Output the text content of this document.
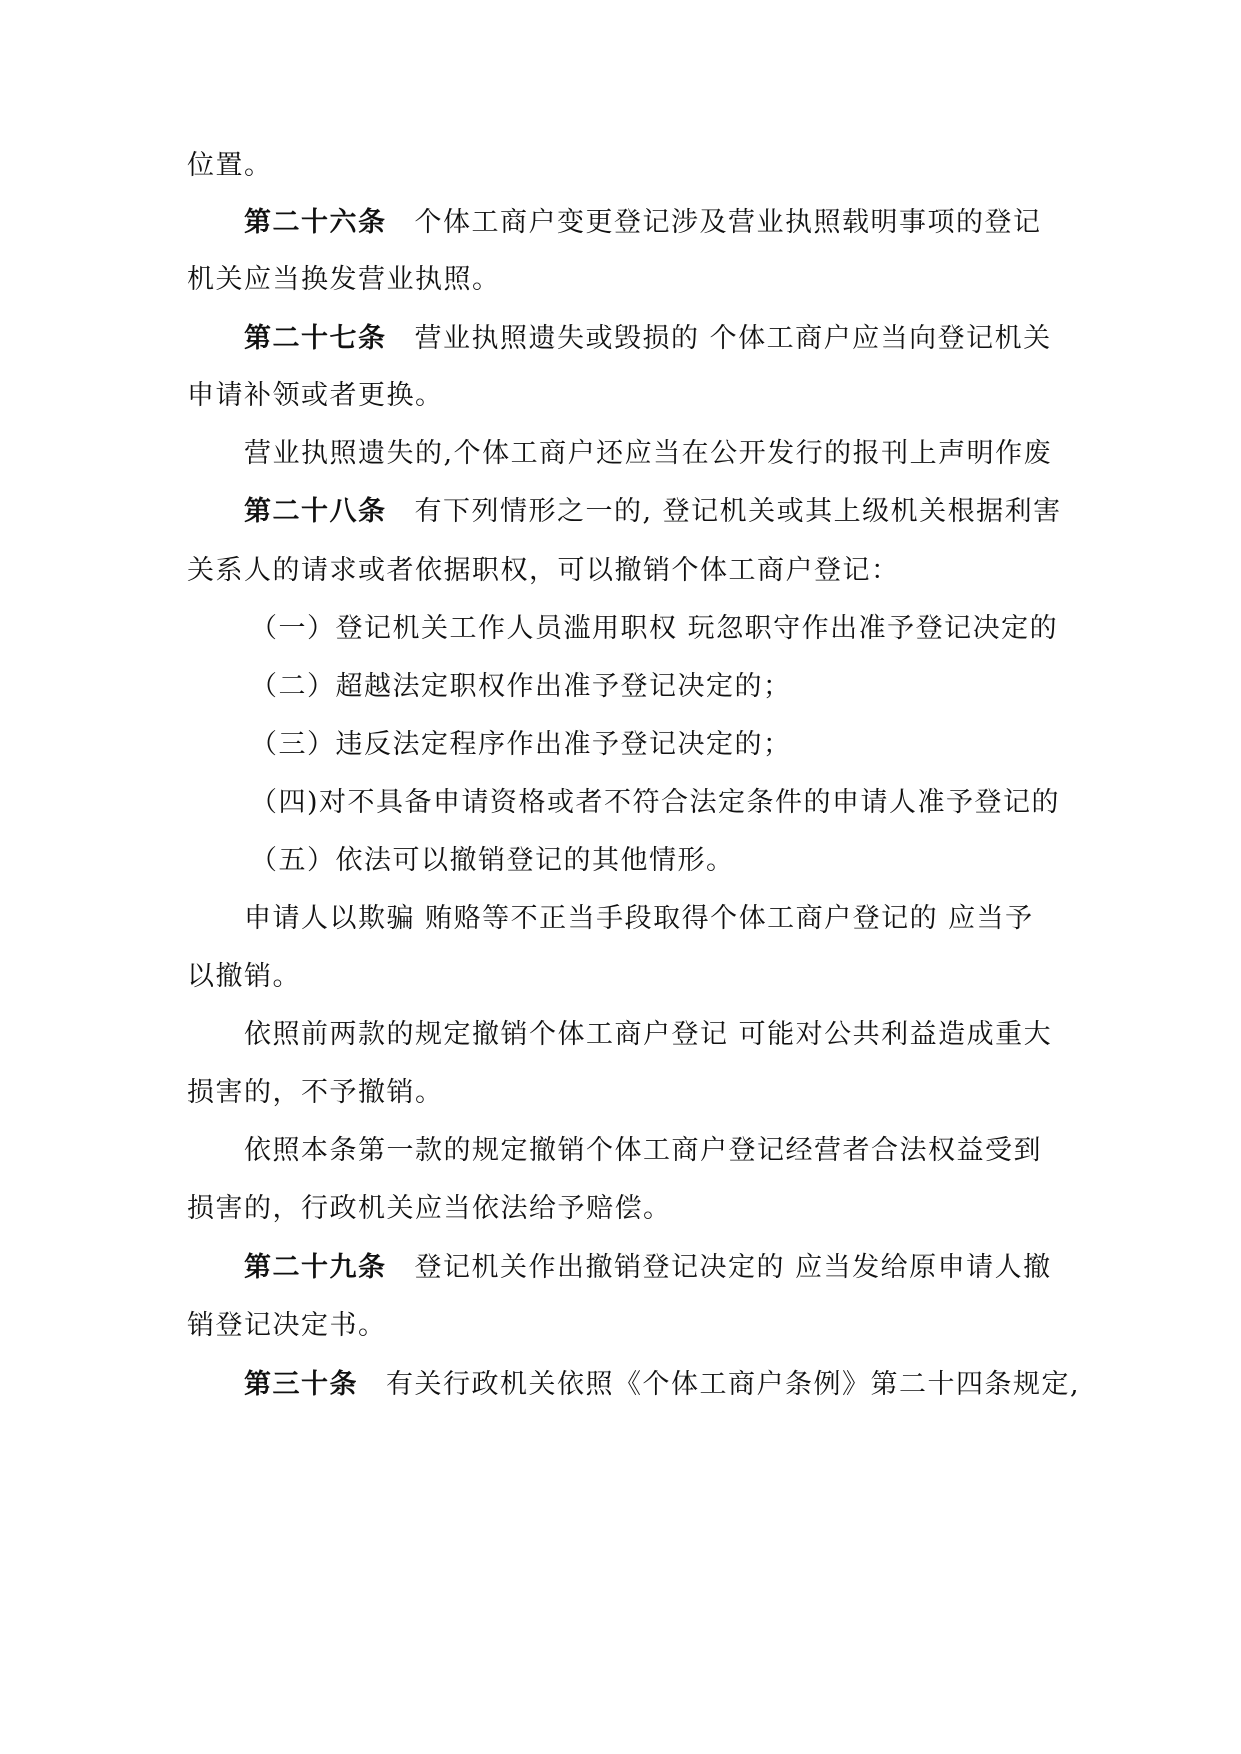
位置。
第二十六条 个体工商户变更登记涉及营业执照载明事项的登记
机关应当换发营业执照。
第二十七条 营业执照遗失或毁损的 个体工商户应当向登记机关
申请补领或者更换。
营业执照遗失的,个体工商户还应当在公开发行的报刊上声明作废
第二十八条 有下列情形之一的, 登记机关或其上级机关根据利害
关系人的请求或者依据职权，可以撤销个体工商户登记：
（一）登记机关工作人员滥用职权 玩忽职守作出准予登记决定的
（二）超越法定职权作出准予登记决定的；
（三）违反法定程序作出准予登记决定的；
（四)对不具备申请资格或者不符合法定条件的申请人准予登记的
（五）依法可以撤销登记的其他情形。
申请人以欺骗 贿赂等不正当手段取得个体工商户登记的 应当予
以撤销。
依照前两款的规定撤销个体工商户登记 可能对公共利益造成重大
损害的，不予撤销。
依照本条第一款的规定撤销个体工商户登记经营者合法权益受到
损害的，行政机关应当依法给予赔偿。
第二十九条 登记机关作出撤销登记决定的 应当发给原申请人撤
销登记决定书。
第三十条 有关行政机关依照《个体工商户条例》第二十四条规定,
